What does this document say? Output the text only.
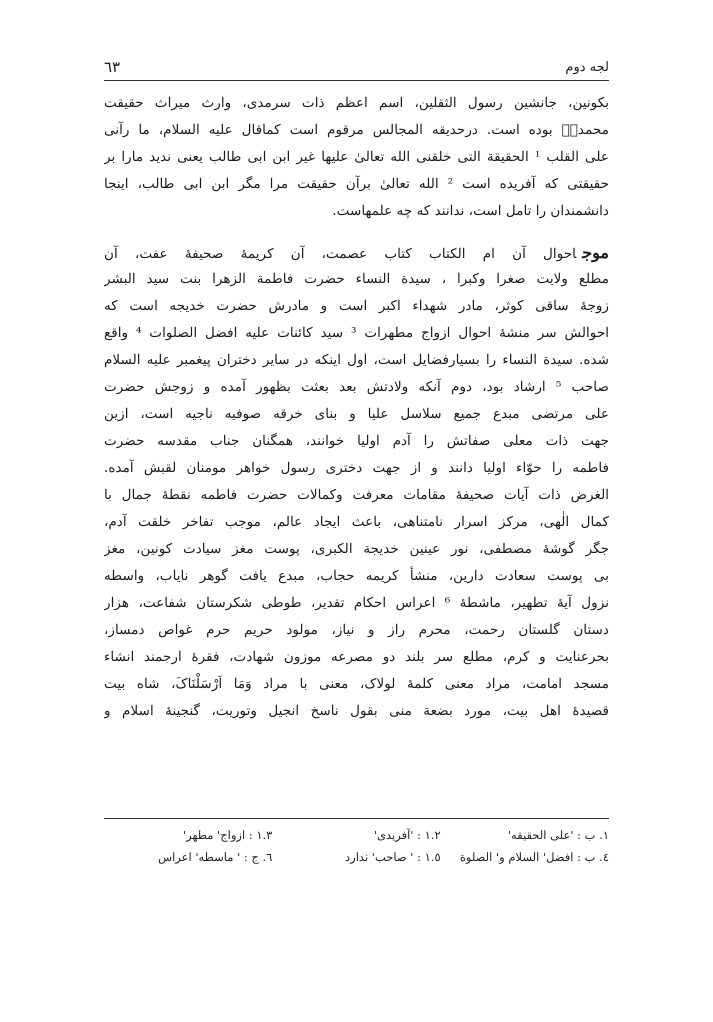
لجه دوم
٦٣
بکونین، جانشین رسول الثقلین، اسم اعظم ذات سرمدی، وارث میراث حقیقت
محمدیؐ بوده است. درحدیقه المجالس مرقوم است کماقال علیه السلام، ما رآنی
علی القلب ¹ الحقیقة التی خلقنی الله تعالیٰ علیها غیر ابن ابی طالب یعنی ندید مارا بر
حقیقتی که آفریده است ² الله تعالیٰ برآن حقیقت مرا مگر ابن ابی طالب، اینجا
دانشمندان را تامل است، ندانند که چه علمهاست.
موجاحوال آن ام الکتاب کتاب عصمت، آن کریمهٔ صحیفهٔ عفت، آن
مطلع ولایت صغرا وکبرا ، سیدة النساء حضرت فاطمة الزهرا بنت سید البشر
زوجهٔ ساقی کوثر، مادر شهداء اکبر است و مادرش حضرت خدیجه است که
احوالش سر منشهٔ احوال ازواج مطهرات ³ سید کائنات علیه افضل الصلوات ⁴ واقع
شده. سیدة النساء را بسیارفضایل است، اول اینکه در سایر دختران پیغمبر علیه السلام
صاحب ⁵ ارشاد بود، دوم آنکه ولادتش بعد بعثت بظهور آمده و زوجش حضرت
علی مرتضی مبدع جمیع سلاسل علیا و بنای خرقه صوفیه ناجیه است، ازین
جهت ذات معلی صفاتش را آدم اولیا خوانند، همگنان جناب مقدسه حضرت
فاطمه را حوّاء اولیا دانند و از جهت دختری رسول خواهر مومنان لقبش آمده.
الغرض ذات آیات صحیفهٔ مقامات معرفت وکمالات حضرت فاطمه نقطهٔ جمال با
کمال الٰهی، مرکز اسرار نامتناهی، باعث ایجاد عالم، موجب تفاخر خلقت آدم،
جگر گوشهٔ مصطفی، نور عینین خدیجة الکبری، پوست مغز سیادت کونین، مغز
بی پوست سعادت دارین، منشأ کریمه حجاب، مبدع یافت گوهر نایاب، واسطه
نزول آیهٔ تطهیر، ماشطهٔ ⁶ اعراس احکام تقدیر، طوطی شکرستان شفاعت، هزار
دستان گلستان رحمت، محرم راز و نیاز، مولود حریم حرم غواص دمساز،
بحرعنایت و کرم، مطلع سر بلند دو مصرعه موزون شهادت، فقرهٔ ارجمند انشاء
مسجد امامت، مراد معنی کلمهٔ لولاک، معنی با مراد وَمَا اَرْسَلْنَاکَ، شاه بیت
قصیدهٔ اهل بیت، مورد بضعة منی بقول ناسخ انجیل وتوریت، گنجینهٔ اسلام و
١. ب : 'علی الحقیقه'
١.٢ : 'آفریدی'
١.٣ : ازواج' مطهر'
٤. ب : افضل' السلام و' الصلوة
١.٥ : ' صاحب' ندارد
٦. ج : ' ماسطه' اعراس
